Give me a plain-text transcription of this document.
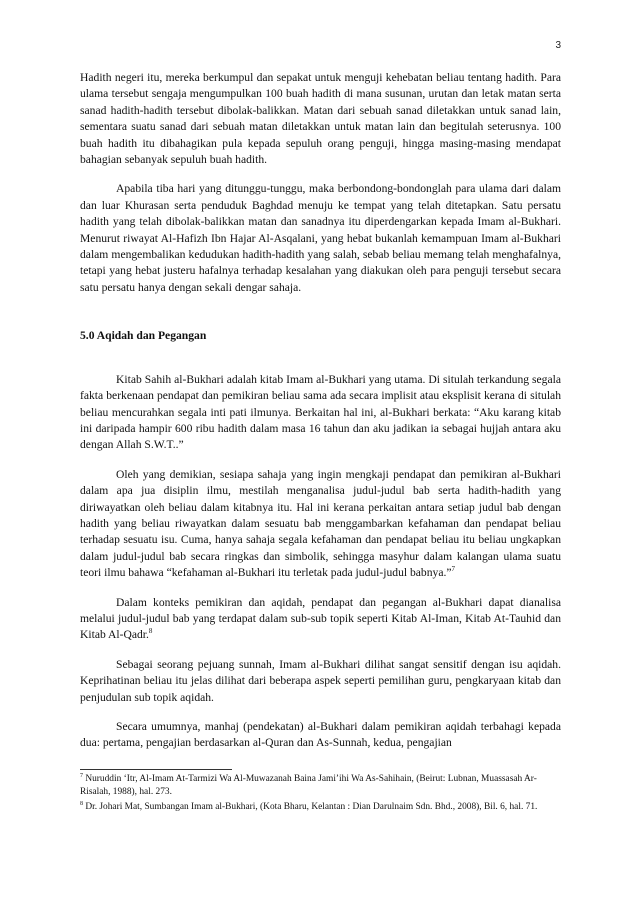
3

Hadith negeri itu, mereka berkumpul dan sepakat untuk menguji kehebatan beliau tentang hadith. Para ulama tersebut sengaja mengumpulkan 100 buah hadith di mana susunan, urutan dan letak matan serta sanad hadith-hadith tersebut dibolak-balikkan. Matan dari sebuah sanad diletakkan untuk sanad lain, sementara suatu sanad dari sebuah matan diletakkan untuk matan lain dan begitulah seterusnya. 100 buah hadith itu dibahagikan pula kepada sepuluh orang penguji, hingga masing-masing mendapat bahagian sebanyak sepuluh buah hadith.

Apabila tiba hari yang ditunggu-tunggu, maka berbondong-bondonglah para ulama dari dalam dan luar Khurasan serta penduduk Baghdad menuju ke tempat yang telah ditetapkan. Satu persatu hadith yang telah dibolak-balikkan matan dan sanadnya itu diperdengarkan kepada Imam al-Bukhari. Menurut riwayat Al-Hafizh Ibn Hajar Al-Asqalani, yang hebat bukanlah kemampuan Imam al-Bukhari dalam mengembalikan kedudukan hadith-hadith yang salah, sebab beliau memang telah menghafalnya, tetapi yang hebat justeru hafalnya terhadap kesalahan yang diakukan oleh para penguji tersebut secara satu persatu hanya dengan sekali dengar sahaja.

5.0 Aqidah dan Pegangan

Kitab Sahih al-Bukhari adalah kitab Imam al-Bukhari yang utama. Di situlah terkandung segala fakta berkenaan pendapat dan pemikiran beliau sama ada secara implisit atau eksplisit kerana di situlah beliau mencurahkan segala inti pati ilmunya. Berkaitan hal ini, al-Bukhari berkata: “Aku karang kitab ini daripada hampir 600 ribu hadith dalam masa 16 tahun dan aku jadikan ia sebagai hujjah antara aku dengan Allah S.W.T..”

Oleh yang demikian, sesiapa sahaja yang ingin mengkaji pendapat dan pemikiran al-Bukhari dalam apa jua disiplin ilmu, mestilah menganalisa judul-judul bab serta hadith-hadith yang diriwayatkan oleh beliau dalam kitabnya itu. Hal ini kerana perkaitan antara setiap judul bab dengan hadith yang beliau riwayatkan dalam sesuatu bab menggambarkan kefahaman dan pendapat beliau terhadap sesuatu isu. Cuma, hanya sahaja segala kefahaman dan pendapat beliau itu beliau ungkapkan dalam judul-judul bab secara ringkas dan simbolik, sehingga masyhur dalam kalangan ulama suatu teori ilmu bahawa “kefahaman al-Bukhari itu terletak pada judul-judul babnya.”$^7$

Dalam konteks pemikiran dan aqidah, pendapat dan pegangan al-Bukhari dapat dianalisa melalui judul-judul bab yang terdapat dalam sub-sub topik seperti Kitab Al-Iman, Kitab At-Tauhid dan Kitab Al-Qadr.$^8$

Sebagai seorang pejuang sunnah, Imam al-Bukhari dilihat sangat sensitif dengan isu aqidah. Keprihatinan beliau itu jelas dilihat dari beberapa aspek seperti pemilihan guru, pengkaryaan kitab dan penjudulan sub topik aqidah.

Secara umumnya, manhaj (pendekatan) al-Bukhari dalam pemikiran aqidah terbahagi kepada dua: pertama, pengajian berdasarkan al-Quran dan As-Sunnah, kedua, pengajian

$^7$ Nuruddin ‘Itr, Al-Imam At-Tarmizi Wa Al-Muwazanah Baina Jami’ihi Wa As-Sahihain, (Beirut: Lubnan, Muassasah Ar-Risalah, 1988), hal. 273.

$^8$ Dr. Johari Mat, Sumbangan Imam al-Bukhari, (Kota Bharu, Kelantan : Dian Darulnaim Sdn. Bhd., 2008), Bil. 6, hal. 71.
